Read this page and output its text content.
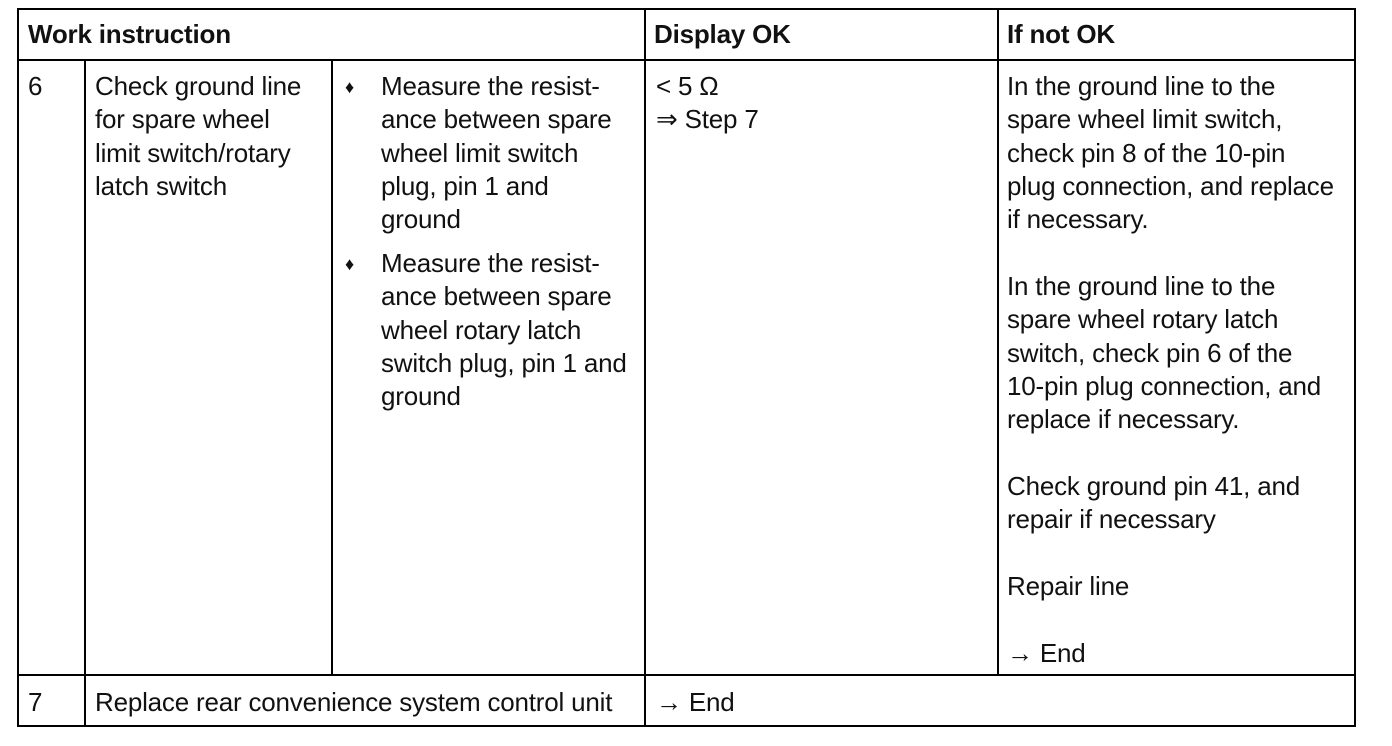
Work instruction	Display OK	If not OK
6 Check ground line
for spare wheel
limit switch/rotary
latch switch
♦ Measure the resist-
ance between spare
wheel limit switch
plug, pin 1 and
ground
♦ Measure the resist-
ance between spare
wheel rotary latch
switch plug, pin 1 and
ground
< 5 Ω
⇒ Step 7
In the ground line to the
spare wheel limit switch,
check pin 8 of the 10-pin
plug connection, and replace
if necessary.
In the ground line to the
spare wheel rotary latch
switch, check pin 6 of the
10-pin plug connection, and
replace if necessary.
Check ground pin 41, and
repair if necessary
Repair line
→ End
7 Replace rear convenience system control unit → End
